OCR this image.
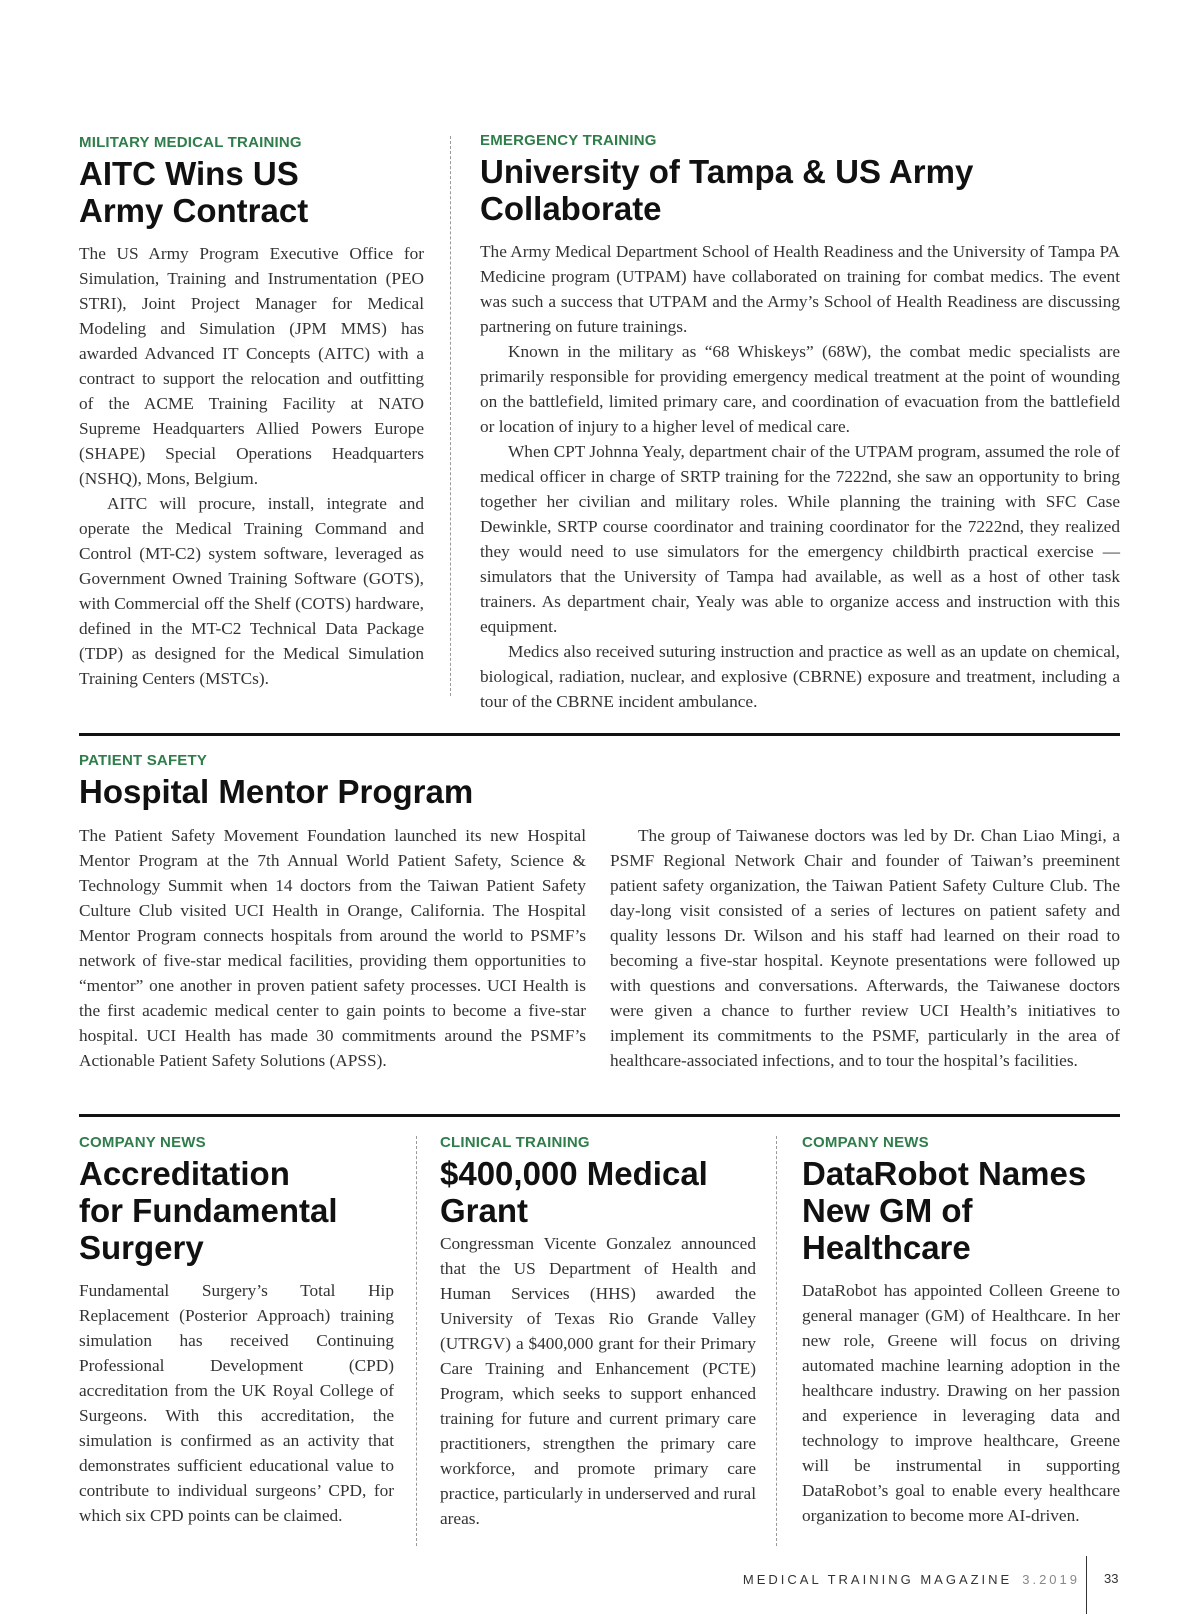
MILITARY MEDICAL TRAINING
AITC Wins US
Army Contract

The US Army Program Executive Office for Simulation, Training and Instrumentation (PEO STRI), Joint Project Manager for Medical Modeling and Simulation (JPM MMS) has awarded Advanced IT Concepts (AITC) with a contract to support the relocation and outfitting of the ACME Training Facility at NATO Supreme Headquarters Allied Powers Europe (SHAPE) Special Operations Headquarters (NSHQ), Mons, Belgium.

AITC will procure, install, integrate and operate the Medical Training Command and Control (MT-C2) system software, leveraged as Government Owned Training Software (GOTS), with Commercial off the Shelf (COTS) hardware, defined in the MT-C2 Technical Data Package (TDP) as designed for the Medical Simulation Training Centers (MSTCs).

EMERGENCY TRAINING
University of Tampa & US Army
Collaborate

The Army Medical Department School of Health Readiness and the University of Tampa PA Medicine program (UTPAM) have collaborated on training for combat medics. The event was such a success that UTPAM and the Army’s School of Health Readiness are discussing partnering on future trainings.

Known in the military as “68 Whiskeys” (68W), the combat medic specialists are primarily responsible for providing emergency medical treatment at the point of wounding on the battlefield, limited primary care, and coordination of evacuation from the battlefield or location of injury to a higher level of medical care.

When CPT Johnna Yealy, department chair of the UTPAM program, assumed the role of medical officer in charge of SRTP training for the 7222nd, she saw an opportunity to bring together her civilian and military roles. While planning the training with SFC Case Dewinkle, SRTP course coordinator and training coordinator for the 7222nd, they realized they would need to use simulators for the emergency childbirth practical exercise — simulators that the University of Tampa had available, as well as a host of other task trainers. As department chair, Yealy was able to organize access and instruction with this equipment.

Medics also received suturing instruction and practice as well as an update on chemical, biological, radiation, nuclear, and explosive (CBRNE) exposure and treatment, including a tour of the CBRNE incident ambulance.

PATIENT SAFETY
Hospital Mentor Program

The Patient Safety Movement Foundation launched its new Hospital Mentor Program at the 7th Annual World Patient Safety, Science & Technology Summit when 14 doctors from the Taiwan Patient Safety Culture Club visited UCI Health in Orange, California. The Hospital Mentor Program connects hospitals from around the world to PSMF’s network of five-star medical facilities, providing them opportunities to “mentor” one another in proven patient safety processes. UCI Health is the first academic medical center to gain points to become a five-star hospital. UCI Health has made 30 commitments around the PSMF’s Actionable Patient Safety Solutions (APSS).

The group of Taiwanese doctors was led by Dr. Chan Liao Mingi, a PSMF Regional Network Chair and founder of Taiwan’s preeminent patient safety organization, the Taiwan Patient Safety Culture Club. The day-long visit consisted of a series of lectures on patient safety and quality lessons Dr. Wilson and his staff had learned on their road to becoming a five-star hospital. Keynote presentations were followed up with questions and conversations. Afterwards, the Taiwanese doctors were given a chance to further review UCI Health’s initiatives to implement its commitments to the PSMF, particularly in the area of healthcare-associated infections, and to tour the hospital’s facilities.

COMPANY NEWS
Accreditation
for Fundamental
Surgery

Fundamental Surgery’s Total Hip Replacement (Posterior Approach) training simulation has received Continuing Professional Development (CPD) accreditation from the UK Royal College of Surgeons. With this accreditation, the simulation is confirmed as an activity that demonstrates sufficient educational value to contribute to individual surgeons’ CPD, for which six CPD points can be claimed.

CLINICAL TRAINING
$400,000 Medical
Grant

Congressman Vicente Gonzalez announced that the US Department of Health and Human Services (HHS) awarded the University of Texas Rio Grande Valley (UTRGV) a $400,000 grant for their Primary Care Training and Enhancement (PCTE) Program, which seeks to support enhanced training for future and current primary care practitioners, strengthen the primary care workforce, and promote primary care practice, particularly in underserved and rural areas.

COMPANY NEWS
DataRobot Names
New GM of
Healthcare

DataRobot has appointed Colleen Greene to general manager (GM) of Healthcare. In her new role, Greene will focus on driving automated machine learning adoption in the healthcare industry. Drawing on her passion and experience in leveraging data and technology to improve healthcare, Greene will be instrumental in supporting DataRobot’s goal to enable every healthcare organization to become more AI-driven.

MEDICAL TRAINING MAGAZINE 3.2019 33
